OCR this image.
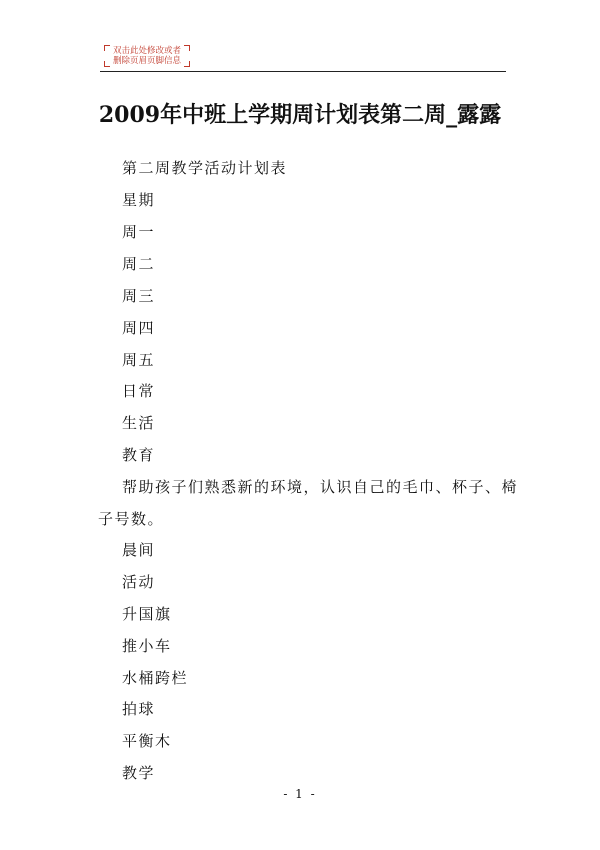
双击此处修改或者
删除页眉页脚信息
2009年中班上学期周计划表第二周_露露
第二周教学活动计划表
星期
周一
周二
周三
周四
周五
日常
生活
教育
帮助孩子们熟悉新的环境，认识自己的毛巾、杯子、椅
子号数。
晨间
活动
升国旗
推小车
水桶跨栏
拍球
平衡木
教学
- 1 -
